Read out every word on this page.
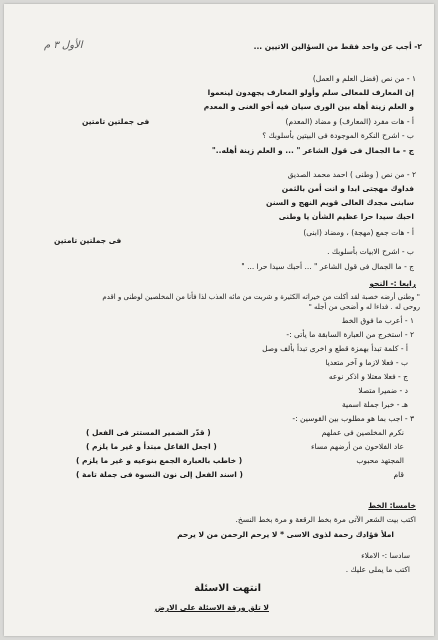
الأول ٣ م	٢- أجب عن واحد فقط من السؤالين الاتيين ...
١ - من نص (فضل العلم و العمل)
إن المعارف للمعالى سلم وأولو المعارف يجهدون لينعموا
و العلم زينة أهله بين الورى سيان فيه أخو الغنى و المعدم
أ - هات مفرد (المعارف) و مضاد (المعدم)
فى جملتين تامتين
ب - اشرح النكرة الموجودة فى البيتين بأسلوبك ؟
ج - ما الجمال فى قول الشاعر " ... و العلم زينة أهله.."
٢ - من نص ( وطنى ) احمد محمد الصديق
فداوك مهجتى ابدا و انت أمن بالثمن
سابنى مجدك العالى قويم النهج و السنن
احبك سيدا حرا عظيم الشأن يا وطنى
أ - هات جمع (مهجة) ، ومضاد (ابنى)
فى جملتين تامتين
ب - اشرح الابيات بأسلوبك .
ج - ما الجمال فى قول الشاعر " ... أحبك سيدا حرا ... "
رابعا :- النحو
" وطنى أرضه خصبة لقد أكلت من خيراته الكثيرة و شربت من مائه العذب لذا فأنا من المخلصين لوطنى و اقدم
روحى له . فداءا له و أضحى من أجله "
١ - أعرب ما فوق الخط
٢ - استخرج من العبارة السابقة ما يأتى :-
أ - كلمة تبدأ بهمزة قطع و اخرى تبدأ بألف وصل
ب - فعلا لازما و آخر متعديا
ج - فعلا معتلا و اذكر نوعه
د - ضميرا متصلا
هـ - خبرا جملة اسمية
٣ - اجب بما هو مطلوب بين القوسين :-
نكرم المخلصين فى عملهم
عاد الفلاحون من أرضهم مساء
المجتهد محبوب
قام
( قدّر الضمير المستتر فى الفعل )
( اجعل الفاعل مبتدأ و غير ما يلزم )
( خاطب بالعبارة الجمع بنوعيه و غير ما يلزم )
( اسند الفعل إلى نون النسوة فى جملة تامة )
خامسا: الخط
اكتب بيت الشعر الآتى مرة بخط الرقعة و مرة بخط النسخ.
املأ فؤادك رحمة لذوى الاسى * لا يرحم الرحمن من لا يرحم
سادسا :- الاملاء
اكتب ما يملى عليك .
انتهت الاسئلة
لا تلق ورقة الاسئلة على الارض
